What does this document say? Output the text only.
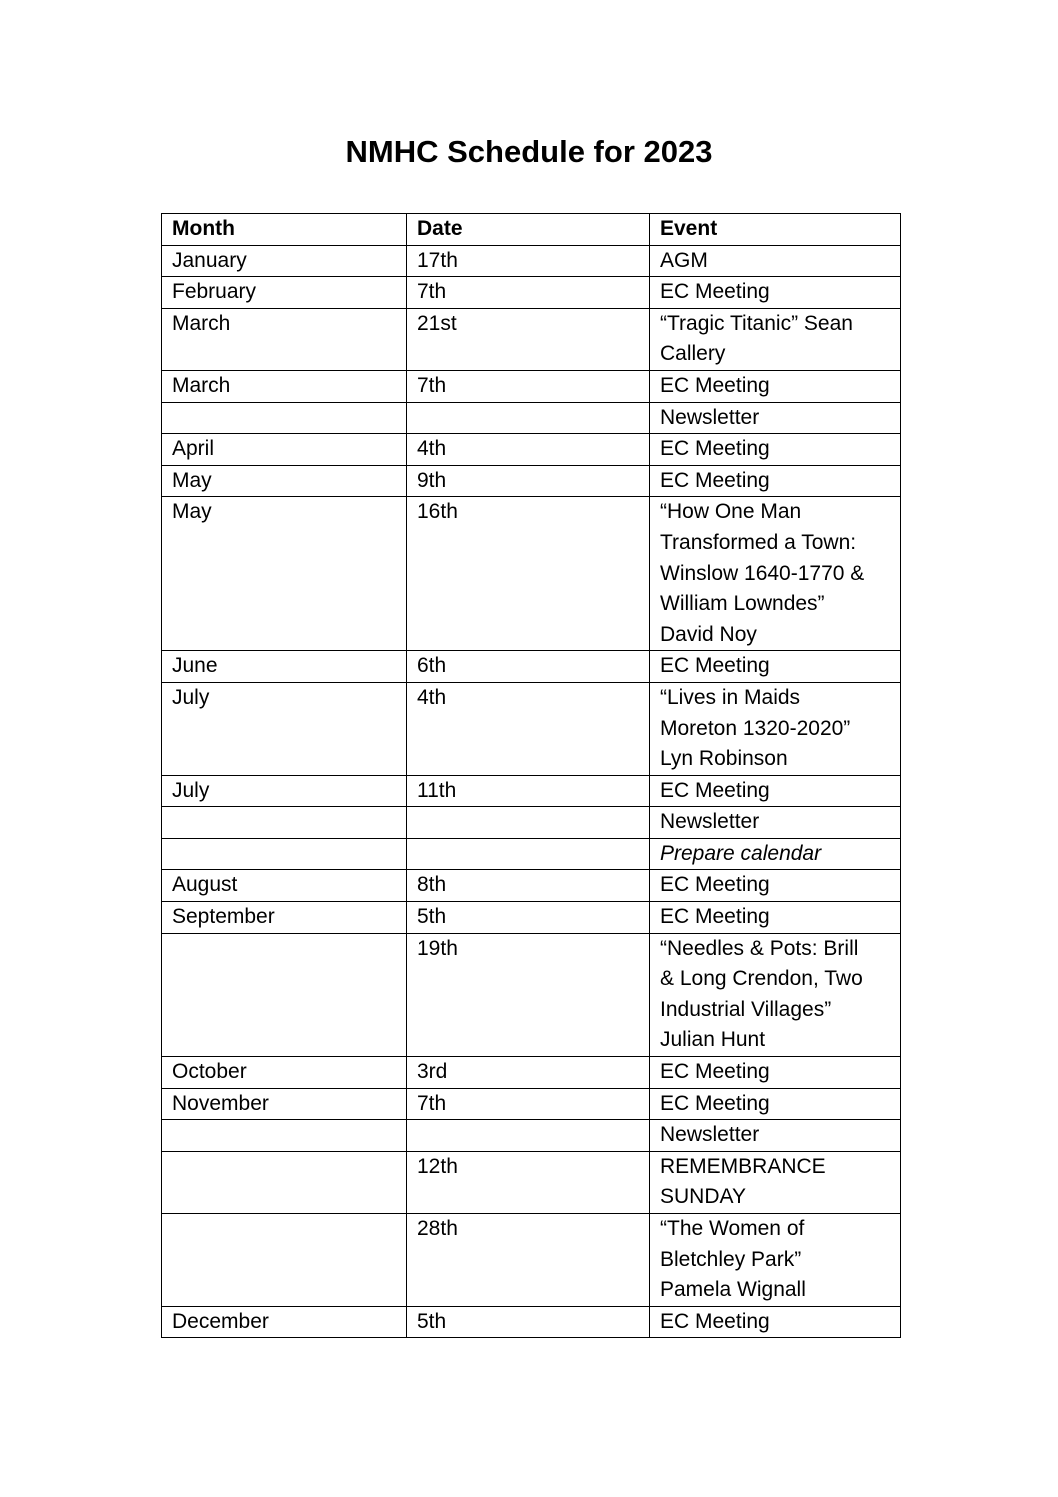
NMHC Schedule for 2023
Month	Date	Event
January	17th	AGM
February	7th	EC Meeting
March	21st	“Tragic Titanic” Sean
Callery
March	7th	EC Meeting
		Newsletter
April	4th	EC Meeting
May	9th	EC Meeting
May	16th	“How One Man
Transformed a Town:
Winslow 1640-1770 &
William Lowndes”
David Noy
June	6th	EC Meeting
July	4th	“Lives in Maids
Moreton 1320-2020”
Lyn Robinson
July	11th	EC Meeting
		Newsletter
		Prepare calendar
August	8th	EC Meeting
September	5th	EC Meeting
	19th	“Needles & Pots: Brill
& Long Crendon, Two
Industrial Villages”
Julian Hunt
October	3rd	EC Meeting
November	7th	EC Meeting
		Newsletter
	12th	REMEMBRANCE
SUNDAY
	28th	“The Women of
Bletchley Park”
Pamela Wignall
December	5th	EC Meeting
